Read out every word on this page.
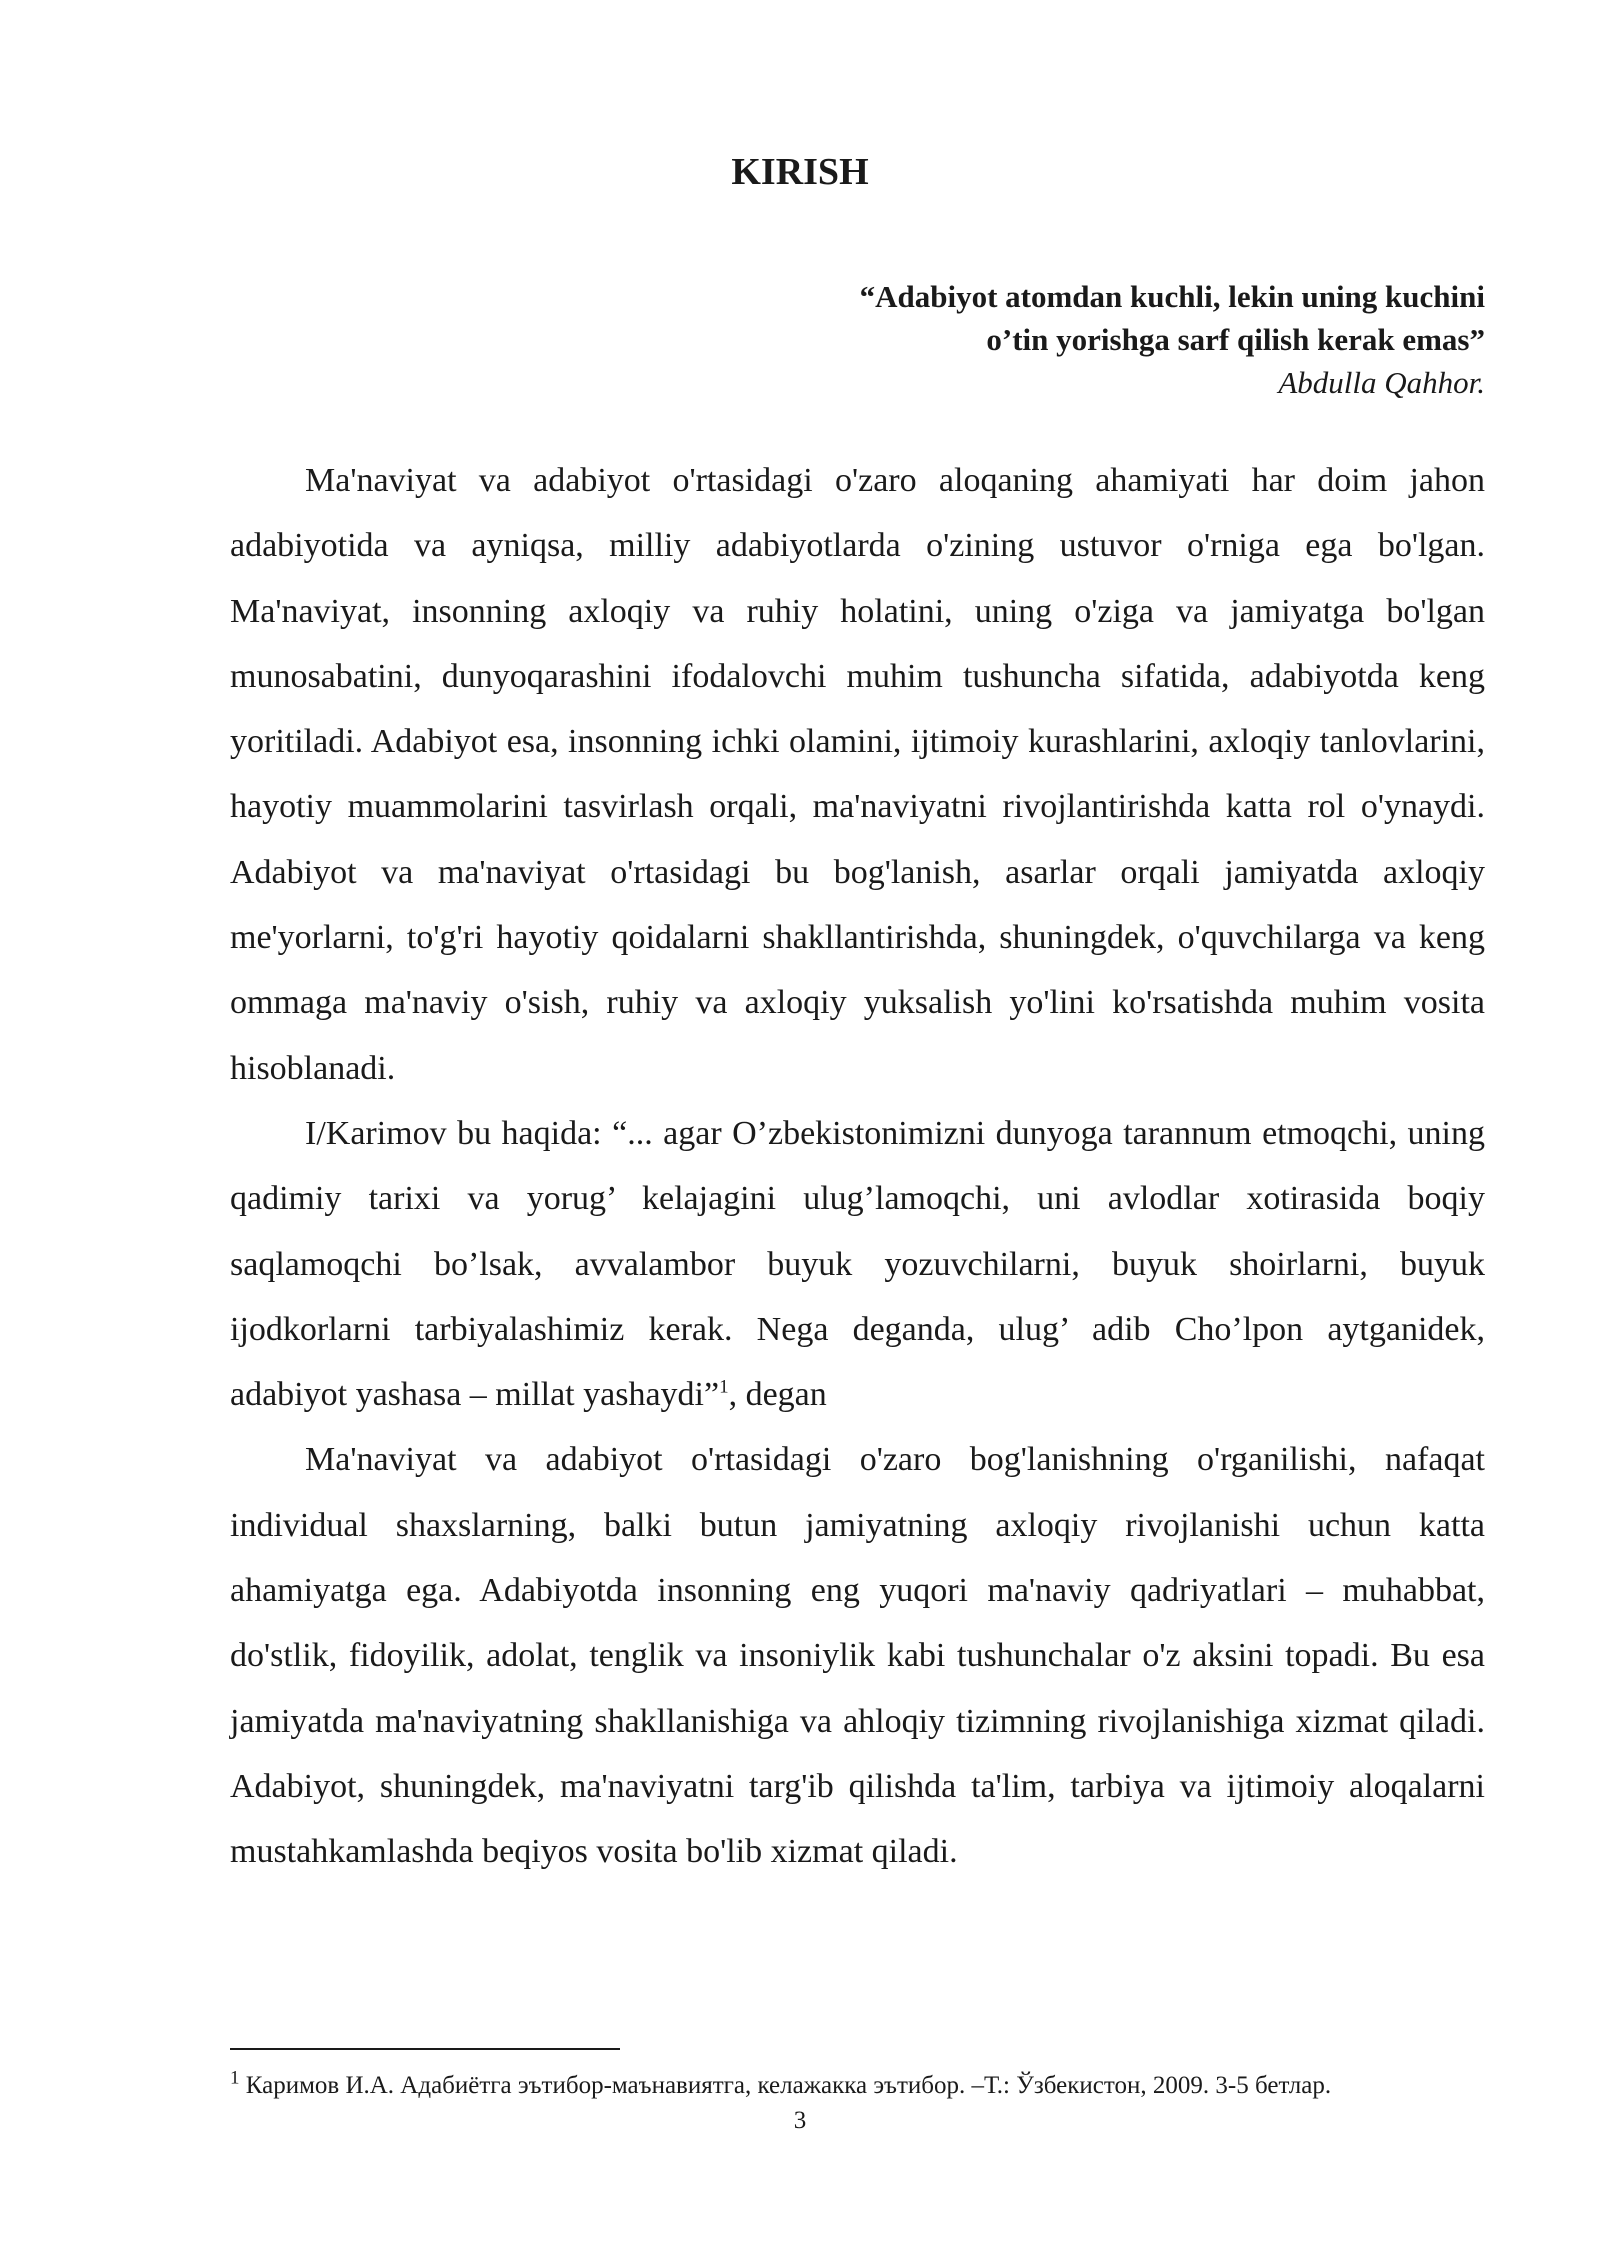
KIRISH
“Adabiyot atomdan kuchli, lekin uning kuchini
o’tin yorishga sarf qilish kerak emas”
Abdulla Qahhor.

Ma'naviyat va adabiyot o'rtasidagi o'zaro aloqaning ahamiyati har doim jahon adabiyotida va ayniqsa, milliy adabiyotlarda o'zining ustuvor o'rniga ega bo'lgan. Ma'naviyat, insonning axloqiy va ruhiy holatini, uning o'ziga va jamiyatga bo'lgan munosabatini, dunyoqarashini ifodalovchi muhim tushuncha sifatida, adabiyotda keng yoritiladi. Adabiyot esa, insonning ichki olamini, ijtimoiy kurashlarini, axloqiy tanlovlarini, hayotiy muammolarini tasvirlash orqali, ma'naviyatni rivojlantirishda katta rol o'ynaydi. Adabiyot va ma'naviyat o'rtasidagi bu bog'lanish, asarlar orqali jamiyatda axloqiy me'yorlarni, to'g'ri hayotiy qoidalarni shakllantirishda, shuningdek, o'quvchilarga va keng ommaga ma'naviy o'sish, ruhiy va axloqiy yuksalish yo'lini ko'rsatishda muhim vosita hisoblanadi.

I/Karimov bu haqida: “... agar O’zbekistonimizni dunyoga tarannum etmoqchi, uning qadimiy tarixi va yorug’ kelajagini ulug’lamoqchi, uni avlodlar xotirasida boqiy saqlamoqchi bo’lsak, avvalambor buyuk yozuvchilarni, buyuk shoirlarni, buyuk ijodkorlarni tarbiyalashimiz kerak. Nega deganda, ulug’ adib Cho’lpon aytganidek, adabiyot yashasa – millat yashaydi”$^1$, degan

Ma'naviyat va adabiyot o'rtasidagi o'zaro bog'lanishning o'rganilishi, nafaqat individual shaxslarning, balki butun jamiyatning axloqiy rivojlanishi uchun katta ahamiyatga ega. Adabiyotda insonning eng yuqori ma'naviy qadriyatlari – muhabbat, do'stlik, fidoyilik, adolat, tenglik va insoniylik kabi tushunchalar o'z aksini topadi. Bu esa jamiyatda ma'naviyatning shakllanishiga va ahloqiy tizimning rivojlanishiga xizmat qiladi. Adabiyot, shuningdek, ma'naviyatni targ'ib qilishda ta'lim, tarbiya va ijtimoiy aloqalarni mustahkamlashda beqiyos vosita bo'lib xizmat qiladi.

$^1$ Каримов И.А. Адабиётга эътибор-маънавиятга, келажакка эътибор. –Т.: Ўзбекистон, 2009. 3-5 бетлар.
3
